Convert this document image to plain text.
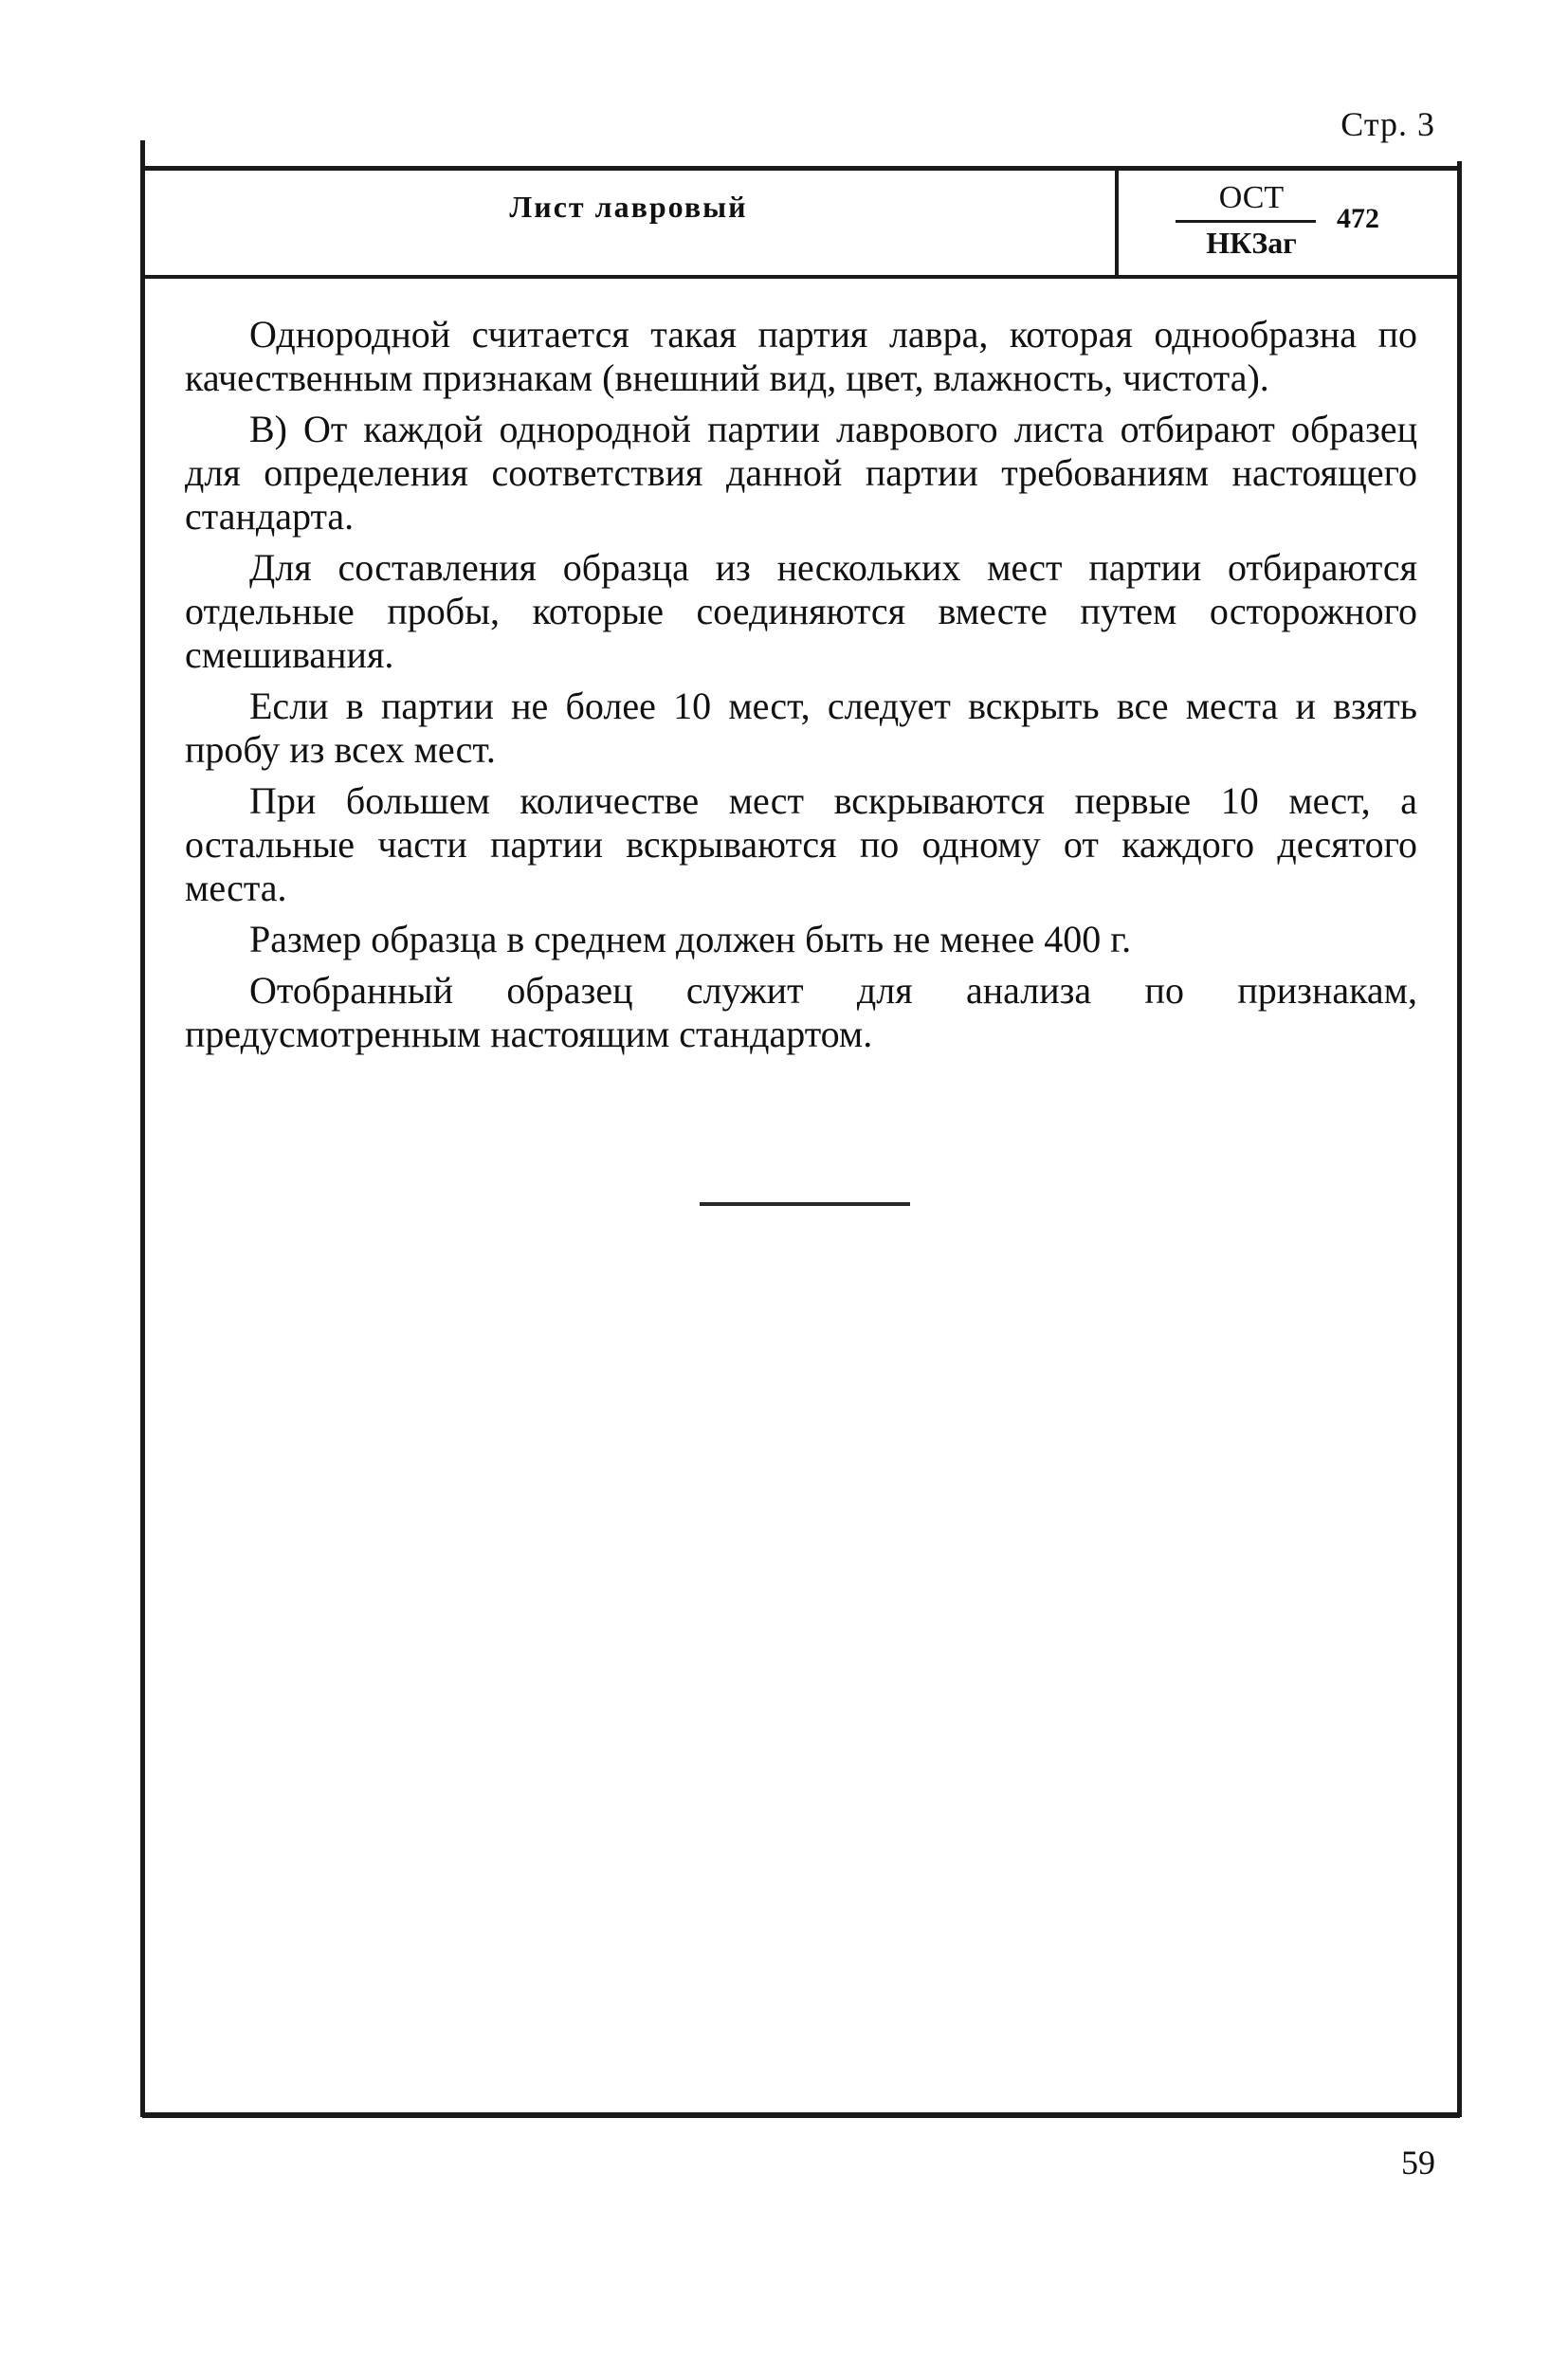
Стр. 3
Лист лавровый	ОСТ
НКЗаг
472

Однородной считается такая партия лавра, которая однообразна по качественным признакам (внешний вид, цвет, влажность, чистота).

В) От каждой однородной партии лаврового листа отбирают образец для определения соответствия данной партии требованиям настоящего стандарта.

Для составления образца из нескольких мест партии отбираются отдельные пробы, которые соединяются вместе путем осторожного смешивания.

Если в партии не более 10 мест, следует вскрыть все места и взять пробу из всех мест.

При большем количестве мест вскрываются первые 10 мест, а остальные части партии вскрываются по одному от каждого десятого места.

Размер образца в среднем должен быть не менее 400 г.

Отобранный образец служит для анализа по признакам, предусмотренным настоящим стандартом.

59
